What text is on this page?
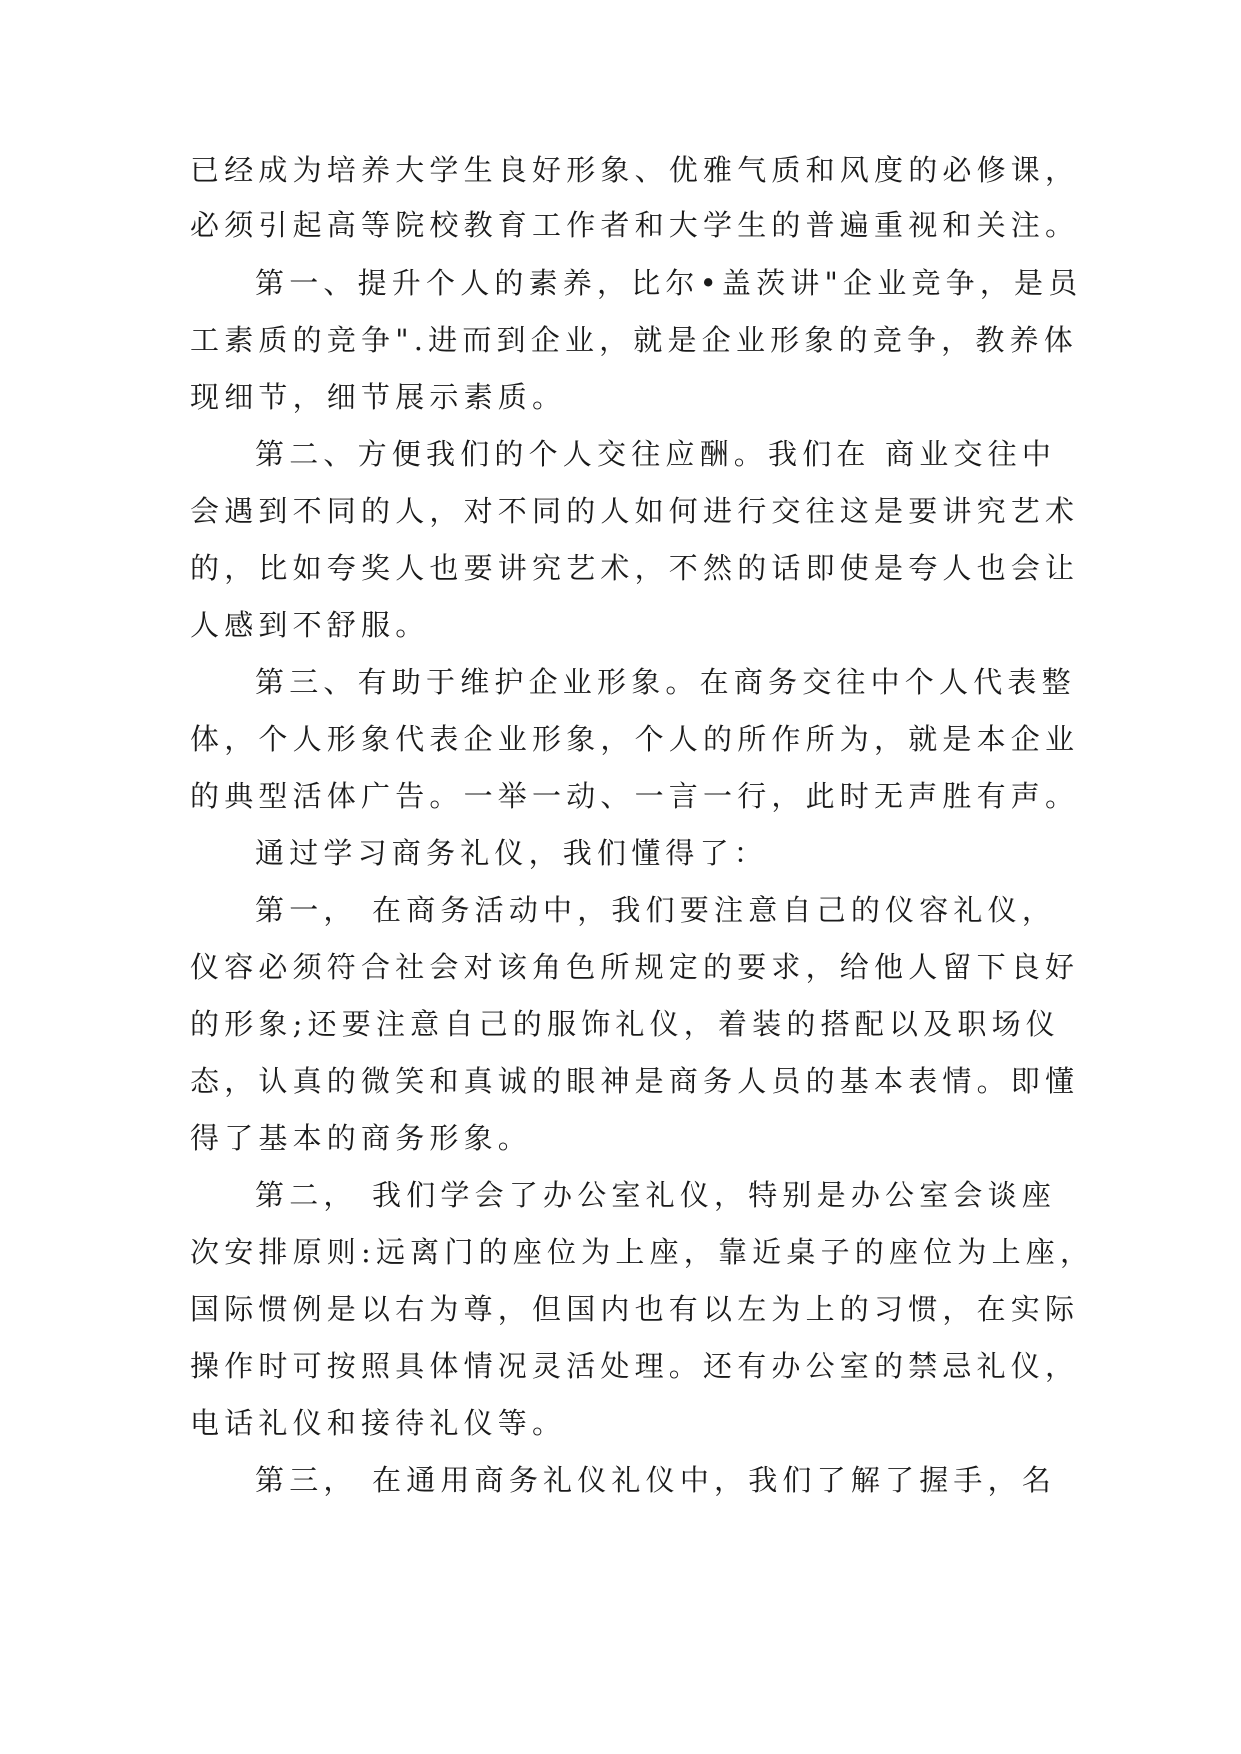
已经成为培养大学生良好形象、优雅气质和风度的必修课，
必须引起高等院校教育工作者和大学生的普遍重视和关注。
第一、提升个人的素养，比尔•盖茨讲"企业竞争，是员
工素质的竞争".进而到企业，就是企业形象的竞争，教养体
现细节，细节展示素质。
第二、方便我们的个人交往应酬。我们在 商业交往中
会遇到不同的人，对不同的人如何进行交往这是要讲究艺术
的，比如夸奖人也要讲究艺术，不然的话即使是夸人也会让
人感到不舒服。
第三、有助于维护企业形象。在商务交往中个人代表整
体，个人形象代表企业形象，个人的所作所为，就是本企业
的典型活体广告。一举一动、一言一行，此时无声胜有声。
通过学习商务礼仪，我们懂得了：
第一， 在商务活动中，我们要注意自己的仪容礼仪，
仪容必须符合社会对该角色所规定的要求，给他人留下良好
的形象;还要注意自己的服饰礼仪，着装的搭配以及职场仪
态，认真的微笑和真诚的眼神是商务人员的基本表情。即懂
得了基本的商务形象。
第二， 我们学会了办公室礼仪，特别是办公室会谈座
次安排原则:远离门的座位为上座，靠近桌子的座位为上座，
国际惯例是以右为尊，但国内也有以左为上的习惯，在实际
操作时可按照具体情况灵活处理。还有办公室的禁忌礼仪，
电话礼仪和接待礼仪等。
第三， 在通用商务礼仪礼仪中，我们了解了握手，名
